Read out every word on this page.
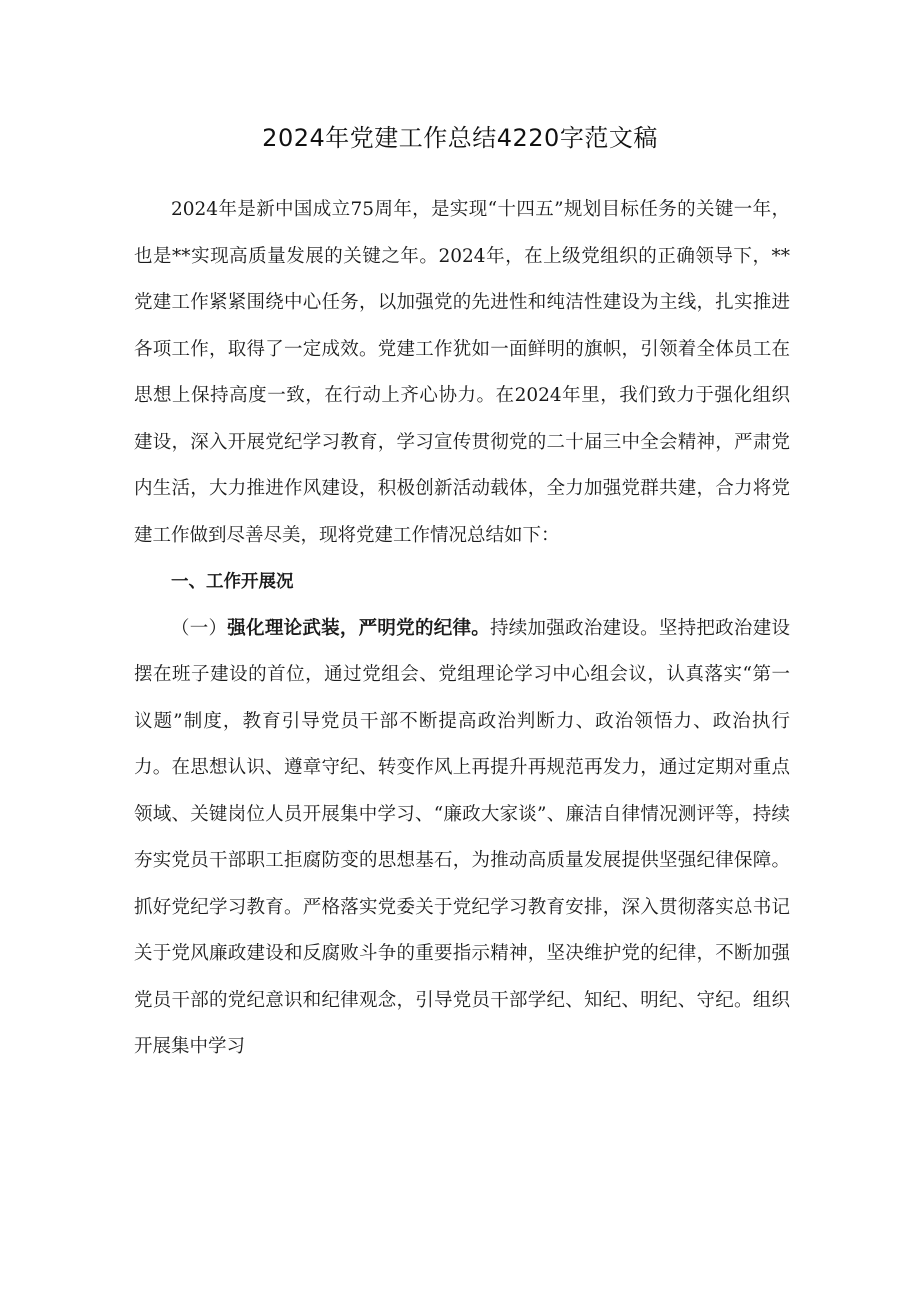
2024年党建工作总结4220字范文稿

2024年是新中国成立75周年，是实现“十四五”规划目标任务的关键一年，也是**实现高质量发展的关键之年。2024年，在上级党组织的正确领导下，**党建工作紧紧围绕中心任务，以加强党的先进性和纯洁性建设为主线，扎实推进各项工作，取得了一定成效。党建工作犹如一面鲜明的旗帜，引领着全体员工在思想上保持高度一致，在行动上齐心协力。在2024年里，我们致力于强化组织建设，深入开展党纪学习教育，学习宣传贯彻党的二十届三中全会精神，严肃党内生活，大力推进作风建设，积极创新活动载体，全力加强党群共建，合力将党建工作做到尽善尽美，现将党建工作情况总结如下：

一、工作开展况

（一）强化理论武装，严明党的纪律。持续加强政治建设。坚持把政治建设摆在班子建设的首位，通过党组会、党组理论学习中心组会议，认真落实“第一议题”制度，教育引导党员干部不断提高政治判断力、政治领悟力、政治执行力。在思想认识、遵章守纪、转变作风上再提升再规范再发力，通过定期对重点领域、关键岗位人员开展集中学习、“廉政大家谈”、廉洁自律情况测评等，持续夯实党员干部职工拒腐防变的思想基石，为推动高质量发展提供坚强纪律保障。抓好党纪学习教育。严格落实党委关于党纪学习教育安排，深入贯彻落实总书记关于党风廉政建设和反腐败斗争的重要指示精神，坚决维护党的纪律，不断加强党员干部的党纪意识和纪律观念，引导党员干部学纪、知纪、明纪、守纪。组织开展集中学习
